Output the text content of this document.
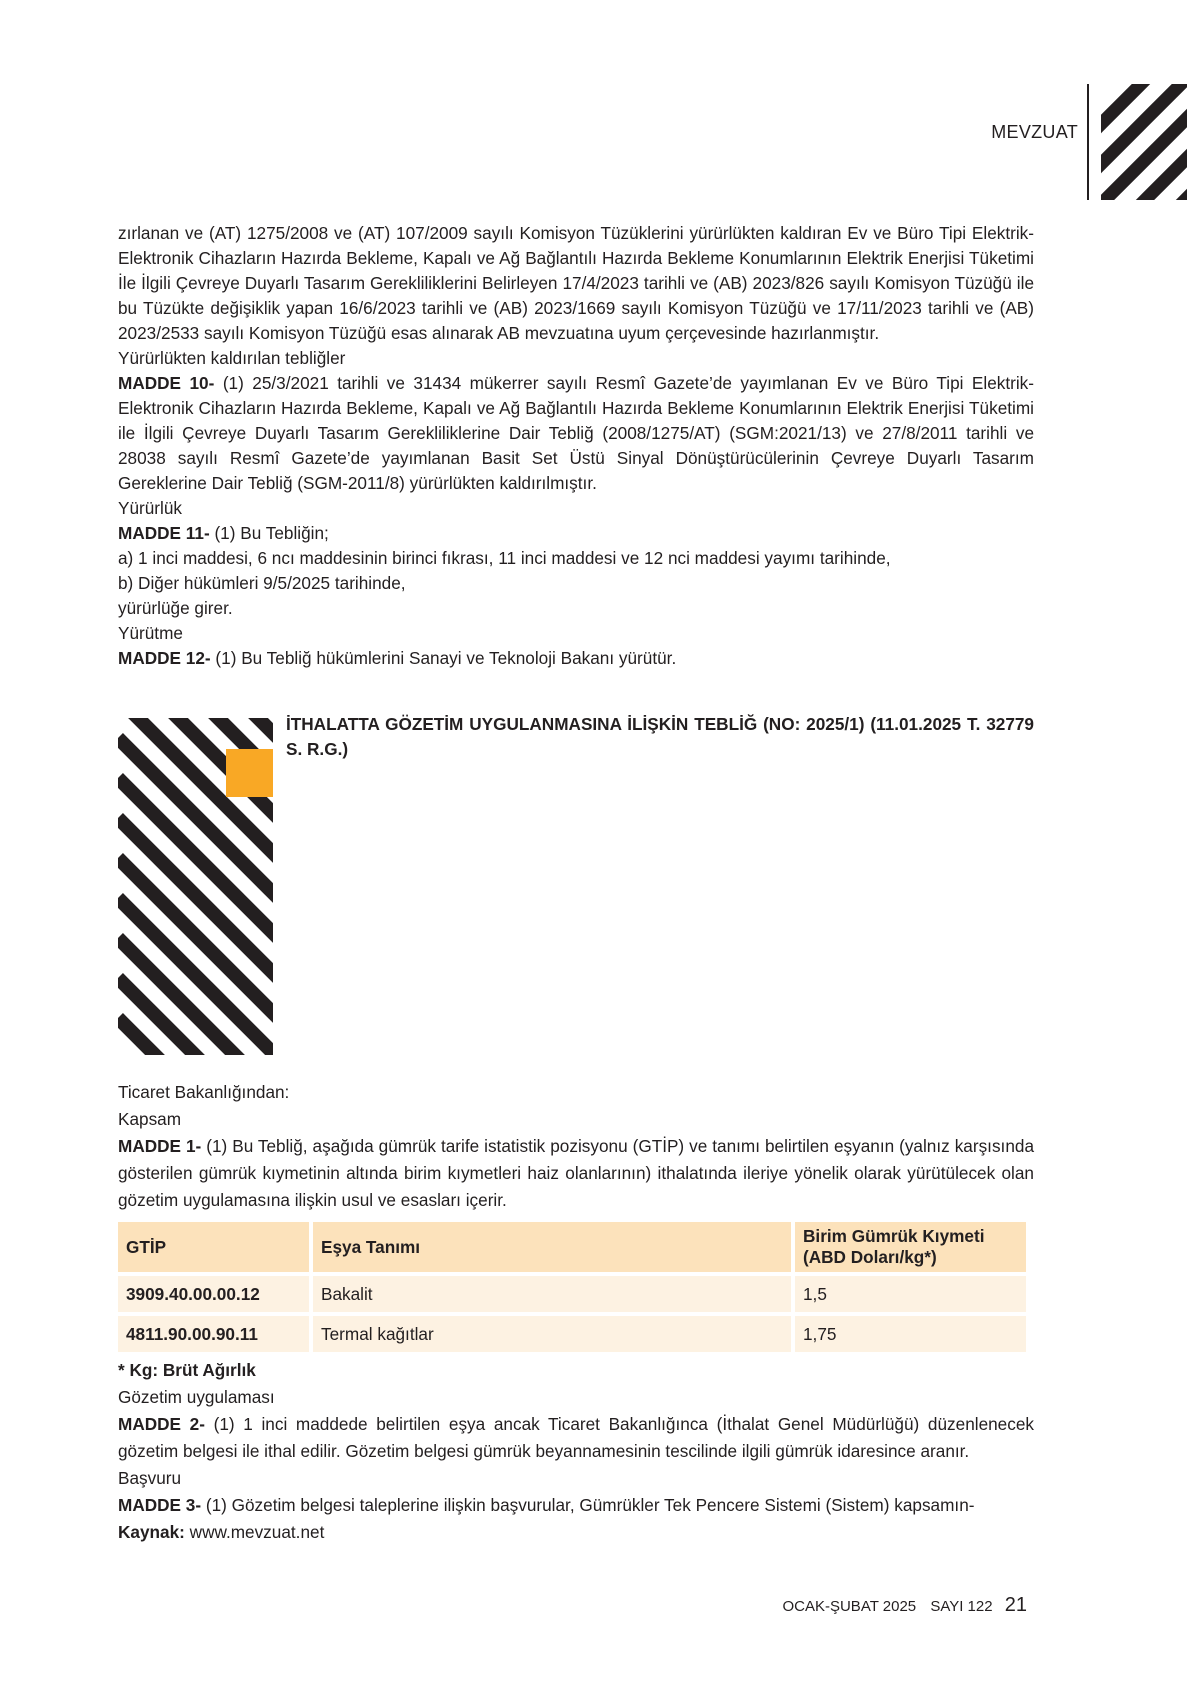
MEVZUAT

zırlanan ve (AT) 1275/2008 ve (AT) 107/2009 sayılı Komisyon Tüzüklerini yürürlükten kaldıran Ev ve Büro Tipi Elektrik-Elektronik Cihazların Hazırda Bekleme, Kapalı ve Ağ Bağlantılı Hazırda Bekleme Konumlarının Elektrik Enerjisi Tüketimi İle İlgili Çevreye Duyarlı Tasarım Gerekliliklerini Belirleyen 17/4/2023 tarihli ve (AB) 2023/826 sayılı Komisyon Tüzüğü ile bu Tüzükte değişiklik yapan 16/6/2023 tarihli ve (AB) 2023/1669 sayılı Komisyon Tüzüğü ve 17/11/2023 tarihli ve (AB) 2023/2533 sayılı Komisyon Tüzüğü esas alınarak AB mevzuatına uyum çerçevesinde hazırlanmıştır.

Yürürlükten kaldırılan tebliğler

MADDE 10- (1) 25/3/2021 tarihli ve 31434 mükerrer sayılı Resmî Gazete’de yayımlanan Ev ve Büro Tipi Elektrik-Elektronik Cihazların Hazırda Bekleme, Kapalı ve Ağ Bağlantılı Hazırda Bekleme Konumlarının Elektrik Enerjisi Tüketimi ile İlgili Çevreye Duyarlı Tasarım Gerekliliklerine Dair Tebliğ (2008/1275/AT) (SGM:2021/13) ve 27/8/2011 tarihli ve 28038 sayılı Resmî Gazete’de yayımlanan Basit Set Üstü Sinyal Dönüştürücülerinin Çevreye Duyarlı Tasarım Gereklerine Dair Tebliğ (SGM-2011/8) yürürlükten kaldırılmıştır.

Yürürlük

MADDE 11- (1) Bu Tebliğin;

a) 1 inci maddesi, 6 ncı maddesinin birinci fıkrası, 11 inci maddesi ve 12 nci maddesi yayımı tarihinde,

b) Diğer hükümleri 9/5/2025 tarihinde,

yürürlüğe girer.

Yürütme

MADDE 12- (1) Bu Tebliğ hükümlerini Sanayi ve Teknoloji Bakanı yürütür.

İTHALATTA GÖZETİM UYGULANMASINA İLİŞKİN TEBLİĞ (NO: 2025/1) (11.01.2025 T. 32779 S. R.G.)

Ticaret Bakanlığından:

Kapsam

MADDE 1- (1) Bu Tebliğ, aşağıda gümrük tarife istatistik pozisyonu (GTİP) ve tanımı belirtilen eşyanın (yalnız karşısında gösterilen gümrük kıymetinin altında birim kıymetleri haiz olanlarının) ithalatında ileriye yönelik olarak yürütülecek olan gözetim uygulamasına ilişkin usul ve esasları içerir.

GTİP	Eşya Tanımı	Birim Gümrük Kıymeti (ABD Doları/kg*)
3909.40.00.00.12	Bakalit	1,5
4811.90.00.90.11	Termal kağıtlar	1,75

* Kg: Brüt Ağırlık

Gözetim uygulaması

MADDE 2- (1) 1 inci maddede belirtilen eşya ancak Ticaret Bakanlığınca (İthalat Genel Müdürlüğü) düzenlenecek gözetim belgesi ile ithal edilir. Gözetim belgesi gümrük beyannamesinin tescilinde ilgili gümrük idaresince aranır.

Başvuru

MADDE 3- (1) Gözetim belgesi taleplerine ilişkin başvurular, Gümrükler Tek Pencere Sistemi (Sistem) kapsamın-

Kaynak: www.mevzuat.net

OCAK-ŞUBAT 2025 SAYI 122 21
